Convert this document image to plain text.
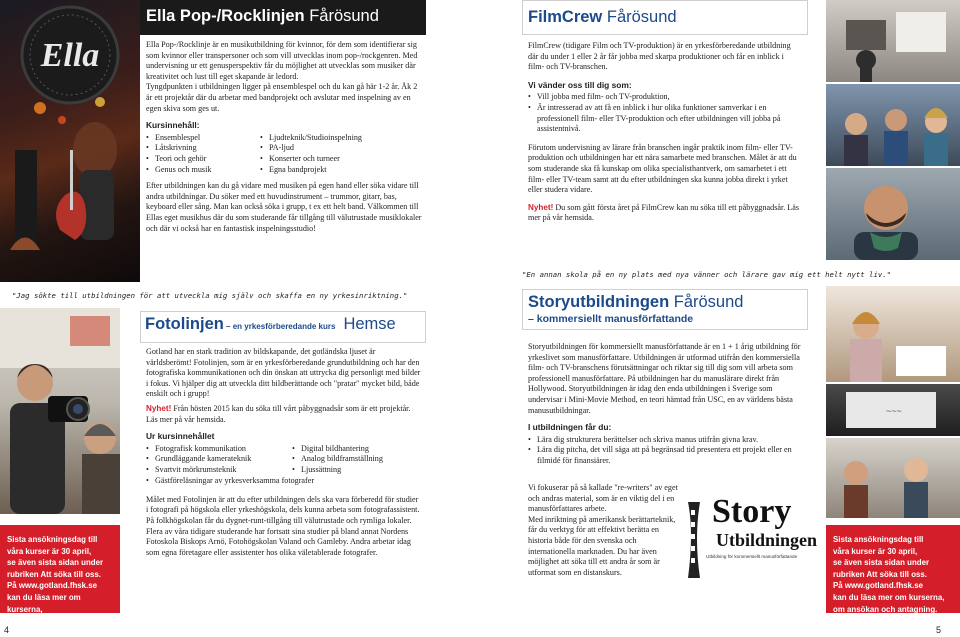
Ella
Ella Pop-/Rocklinjen Fårösund

Ella Pop-/Rocklinje är en musikutbildning för kvinnor, för dem som identifierar sig som kvinnor eller transpersoner och som vill utvecklas inom pop-/rockgenren. Med undervisning ur ett genusperspektiv får du möjlighet att utvecklas som musiker där kreativitet och lust till eget skapande är ledord.

Tyngdpunkten i utbildningen ligger på ensemblespel och du kan gå här 1-2 år. Åk 2 är ett projektår där du arbetar med bandprojekt och avslutar med inspelning av en egen skiva som ges ut.

Kursinnehåll:
• Ensemblespel
• Låtskrivning
• Teori och gehör
• Genus och musik
• Ljudteknik/Studioinspelning
• PA-ljud
• Konserter och turneer
• Egna bandprojekt

Efter utbildningen kan du gå vidare med musiken på egen hand eller söka vidare till andra utbildningar. Du söker med ett huvudinstrument – trummor, gitarr, bas, keyboard eller sång. Man kan också söka i grupp, t ex ett helt band. Välkommen till Ellas eget musikhus där du som studerande får tillgång till välutrustade musiklokaler och där vi också har en fantastisk inspelningsstudio!

"Jag sökte till utbildningen för att utveckla mig själv och skaffa en ny yrkesinriktning."
Fotolinjen – en yrkesförberedande kurs Hemse

Gotland har en stark tradition av bildskapande, det gotländska ljuset är världsberömt! Fotolinjen, som är en yrkesförberedande grundutbildning och har den fotografiska kommunikationen och din önskan att uttrycka dig personligt med bilder i fokus. Vi hjälper dig att utveckla ditt bildberättande och "pratar" mycket bild, både enskilt och i grupp!

Nyhet! Från hösten 2015 kan du söka till vårt påbyggnadsår som är ett projektår. Läs mer på vår hemsida.

Ur kursinnehållet
• Fotografisk kommunikation
• Grundläggande kamerateknik
• Svartvit mörkrumsteknik
• Gästföreläsningar av yrkesverksamma fotografer
• Digital bildhantering
• Analog bildframställning
• Ljussättning

Målet med Fotolinjen är att du efter utbildningen dels ska vara förberedd för studier i fotografi på högskola eller yrkeshögskola, dels kunna arbeta som fotografassistent. På folkhögskolan får du dygnet-runt-tillgång till välutrustade och rymliga lokaler. Flera av våra tidigare studerande har fortsatt sina studier på bland annat Nordens Fotoskola Biskops Arnö, Fotohögskolan Valand och Gamleby. Andra arbetar idag som egna företagare eller assistenter hos olika väletablerade fotografer.

Sista ansökningsdag till
våra kurser är 30 april,
se även sista sidan under
rubriken Att söka till oss.
På www.gotland.fhsk.se
kan du läsa mer om kurserna,
om ansökan och antagning.
4
FilmCrew Fårösund

FilmCrew (tidigare Film och TV-produktion) är en yrkesförberedande utbildning där du under 1 eller 2 år får jobba med skarpa produktioner och får en inblick i film- och TV-branschen.

Vi vänder oss till dig som:
• Vill jobba med film- och TV-produktion,
• Är intresserad av att få en inblick i hur olika funktioner samverkar i en professionell film- eller TV-produktion och efter utbildningen vill jobba på assistentnivå.

Förutom undervisning av lärare från branschen ingår praktik inom film- eller TV-produktion och utbildningen har ett nära samarbete med branschen. Målet är att du som studerande ska få kunskap om olika specialisthantverk, om samarbetet i ett film- eller TV-team samt att du efter utbildningen ska kunna jobba direkt i yrket eller studera vidare.

Nyhet! Du som gått första året på FilmCrew kan nu söka till ett påbyggnadsår. Läs mer på vår hemsida.

"En annan skola på en ny plats med nya vänner och lärare gav mig ett helt nytt liv."
Storyutbildningen Fårösund
– kommersiellt manusförfattande

Storyutbildningen för kommersiellt manusförfattande är en 1 + 1 årig utbildning för yrkeslivet som manusförfattare. Utbildningen är utformad utifrån den kommersiella film- och TV-branschens förutsättningar och riktar sig till dig som vill arbeta som professionell manusförfattare. På utbildningen har du manuslärare direkt från Hollywood. Storyutbildningen är idag den enda utbildningen i Sverige som undervisar i Mini-Movie Method, en teori hämtad från USC, en av världens bästa manusutbildningar.

I utbildningen får du:
• Lära dig strukturera berättelser och skriva manus utifrån givna krav.
• Lära dig pitcha, det vill säga att på begränsad tid presentera ett projekt eller en filmidé för finansiärer.

Vi fokuserar på så kallade "re-writers" av eget och andras material, som är en viktig del i en manusförfattares arbete.

Med inriktning på amerikansk berättarteknik, får du verktyg för att effektivt berätta en historia både för den svenska och internationella marknaden. Du har även möjlighet att söka till ett andra år som är utformat som en distanskurs.

Story
Utbildningen
Utbildning för kommersiellt manusförfattande
~~~
Sista ansökningsdag till
våra kurser är 30 april,
se även sista sidan under
rubriken Att söka till oss.
På www.gotland.fhsk.se
kan du läsa mer om kurserna,
om ansökan och antagning.
5
